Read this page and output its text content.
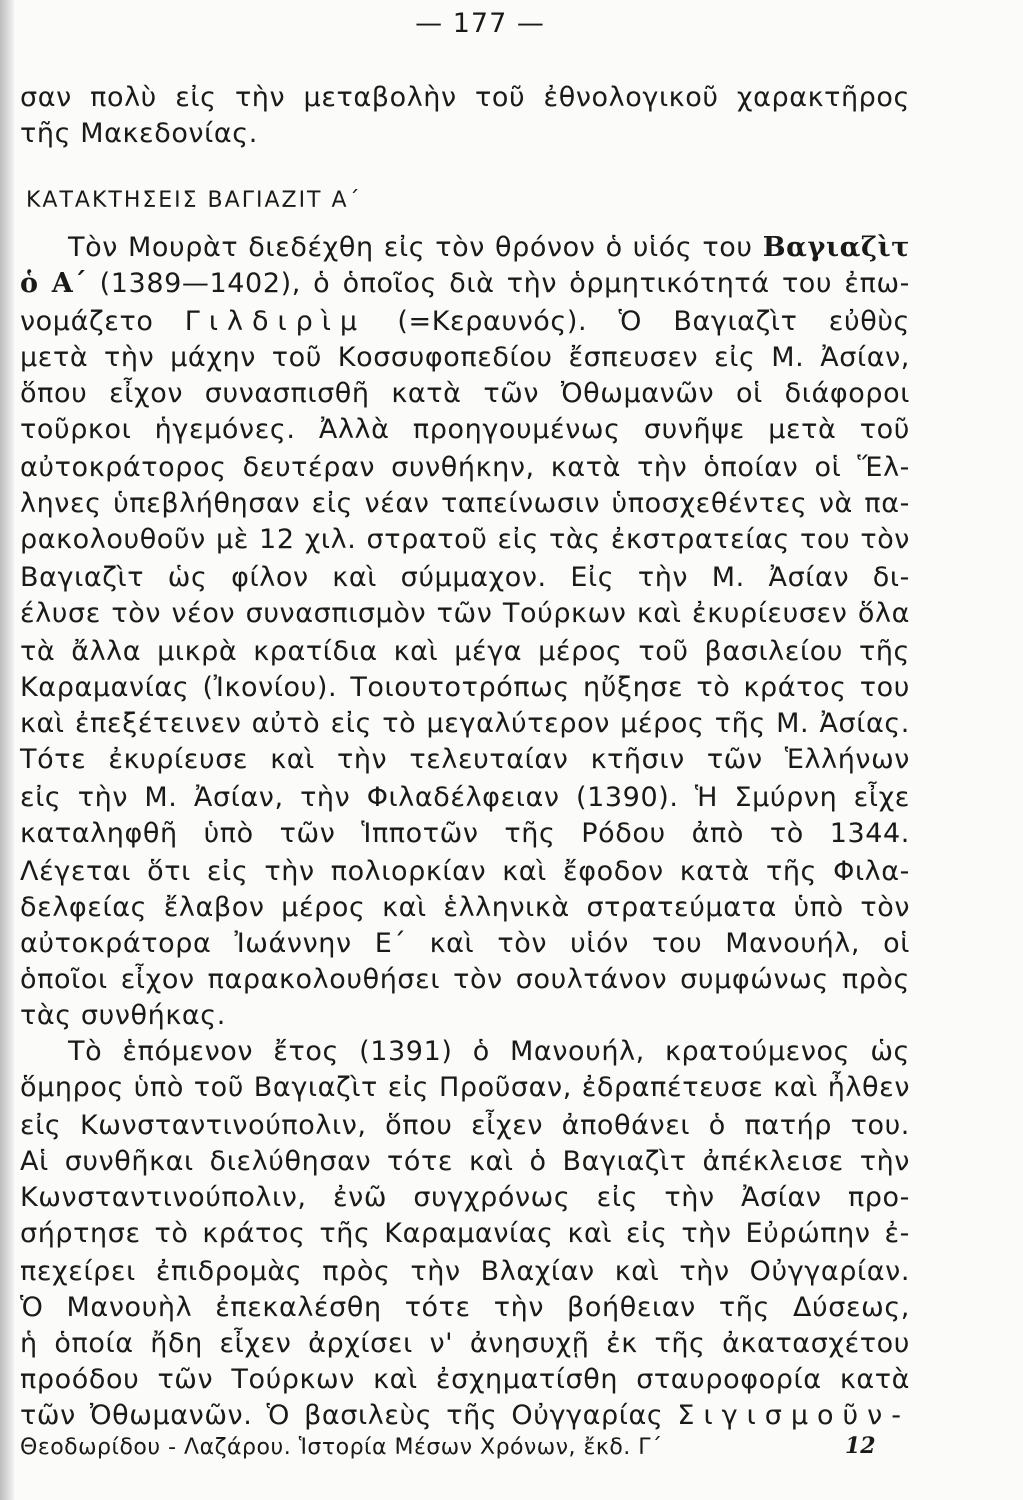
— 177 —
σαν πολὺ εἰς τὴν μεταβολὴν τοῦ ἐθνολογικοῦ χαρακτῆρος
τῆς Μακεδονίας.
ΚΑΤΑΚΤΗΣΕΙΣ ΒΑΓΙΑΖΙΤ Α΄
Τὸν Μουρὰτ διεδέχθη εἰς τὸν θρόνον ὁ υἱός του Βαγιαζὶτ
ὁ Α΄ (1389—1402), ὁ ὁποῖος διὰ τὴν ὁρμητικότητά του ἐπω-
νομάζετο Γιλδιρὶμ (=Κεραυνός). Ὁ Βαγιαζὶτ εὐθὺς
μετὰ τὴν μάχην τοῦ Κοσσυφοπεδίου ἔσπευσεν εἰς Μ. Ἀσίαν,
ὅπου εἶχον συνασπισθῆ κατὰ τῶν Ὀθωμανῶν οἱ διάφοροι
τοῦρκοι ἡγεμόνες. Ἀλλὰ προηγουμένως συνῆψε μετὰ τοῦ
αὐτοκράτορος δευτέραν συνθήκην, κατὰ τὴν ὁποίαν οἱ Ἕλ-
ληνες ὑπεβλήθησαν εἰς νέαν ταπείνωσιν ὑποσχεθέντες νὰ πα-
ρακολουθοῦν μὲ 12 χιλ. στρατοῦ εἰς τὰς ἐκστρατείας του τὸν
Βαγιαζὶτ ὡς φίλον καὶ σύμμαχον. Εἰς τὴν Μ. Ἀσίαν δι-
έλυσε τὸν νέον συνασπισμὸν τῶν Τούρκων καὶ ἐκυρίευσεν ὅλα
τὰ ἄλλα μικρὰ κρατίδια καὶ μέγα μέρος τοῦ βασιλείου τῆς
Καραμανίας (Ἰκονίου). Τοιουτοτρόπως ηὔξησε τὸ κράτος του
καὶ ἐπεξέτεινεν αὐτὸ εἰς τὸ μεγαλύτερον μέρος τῆς Μ. Ἀσίας.
Τότε ἐκυρίευσε καὶ τὴν τελευταίαν κτῆσιν τῶν Ἑλλήνων
εἰς τὴν Μ. Ἀσίαν, τὴν Φιλαδέλφειαν (1390). Ἡ Σμύρνη εἶχε
καταληφθῆ ὑπὸ τῶν Ἱπποτῶν τῆς Ρόδου ἀπὸ τὸ 1344.
Λέγεται ὅτι εἰς τὴν πολιορκίαν καὶ ἔφοδον κατὰ τῆς Φιλα-
δελφείας ἔλαβον μέρος καὶ ἑλληνικὰ στρατεύματα ὑπὸ τὸν
αὐτοκράτορα Ἰωάννην Ε΄ καὶ τὸν υἱόν του Μανουήλ, οἱ
ὁποῖοι εἶχον παρακολουθήσει τὸν σουλτάνον συμφώνως πρὸς
τὰς συνθήκας.
Τὸ ἑπόμενον ἔτος (1391) ὁ Μανουήλ, κρατούμενος ὡς
ὅμηρος ὑπὸ τοῦ Βαγιαζὶτ εἰς Προῦσαν, ἐδραπέτευσε καὶ ἦλθεν
εἰς Κωνσταντινούπολιν, ὅπου εἶχεν ἀποθάνει ὁ πατήρ του.
Αἱ συνθῆκαι διελύθησαν τότε καὶ ὁ Βαγιαζὶτ ἀπέκλεισε τὴν
Κωνσταντινούπολιν, ἐνῶ συγχρόνως εἰς τὴν Ἀσίαν προ-
σήρτησε τὸ κράτος τῆς Καραμανίας καὶ εἰς τὴν Εὐρώπην ἐ-
πεχείρει ἐπιδρομὰς πρὸς τὴν Βλαχίαν καὶ τὴν Οὐγγαρίαν.
Ὁ Μανουὴλ ἐπεκαλέσθη τότε τὴν βοήθειαν τῆς Δύσεως,
ἡ ὁποία ἤδη εἶχεν ἀρχίσει ν' ἀνησυχῇ ἐκ τῆς ἀκατασχέτου
προόδου τῶν Τούρκων καὶ ἐσχηματίσθη σταυροφορία κατὰ
τῶν Ὀθωμανῶν. Ὁ βασιλεὺς τῆς Οὐγγαρίας Σιγισμοῦν-
Θεοδωρίδου - Λαζάρου. Ἱστορία Μέσων Χρόνων, ἔκδ. Γ΄	12
